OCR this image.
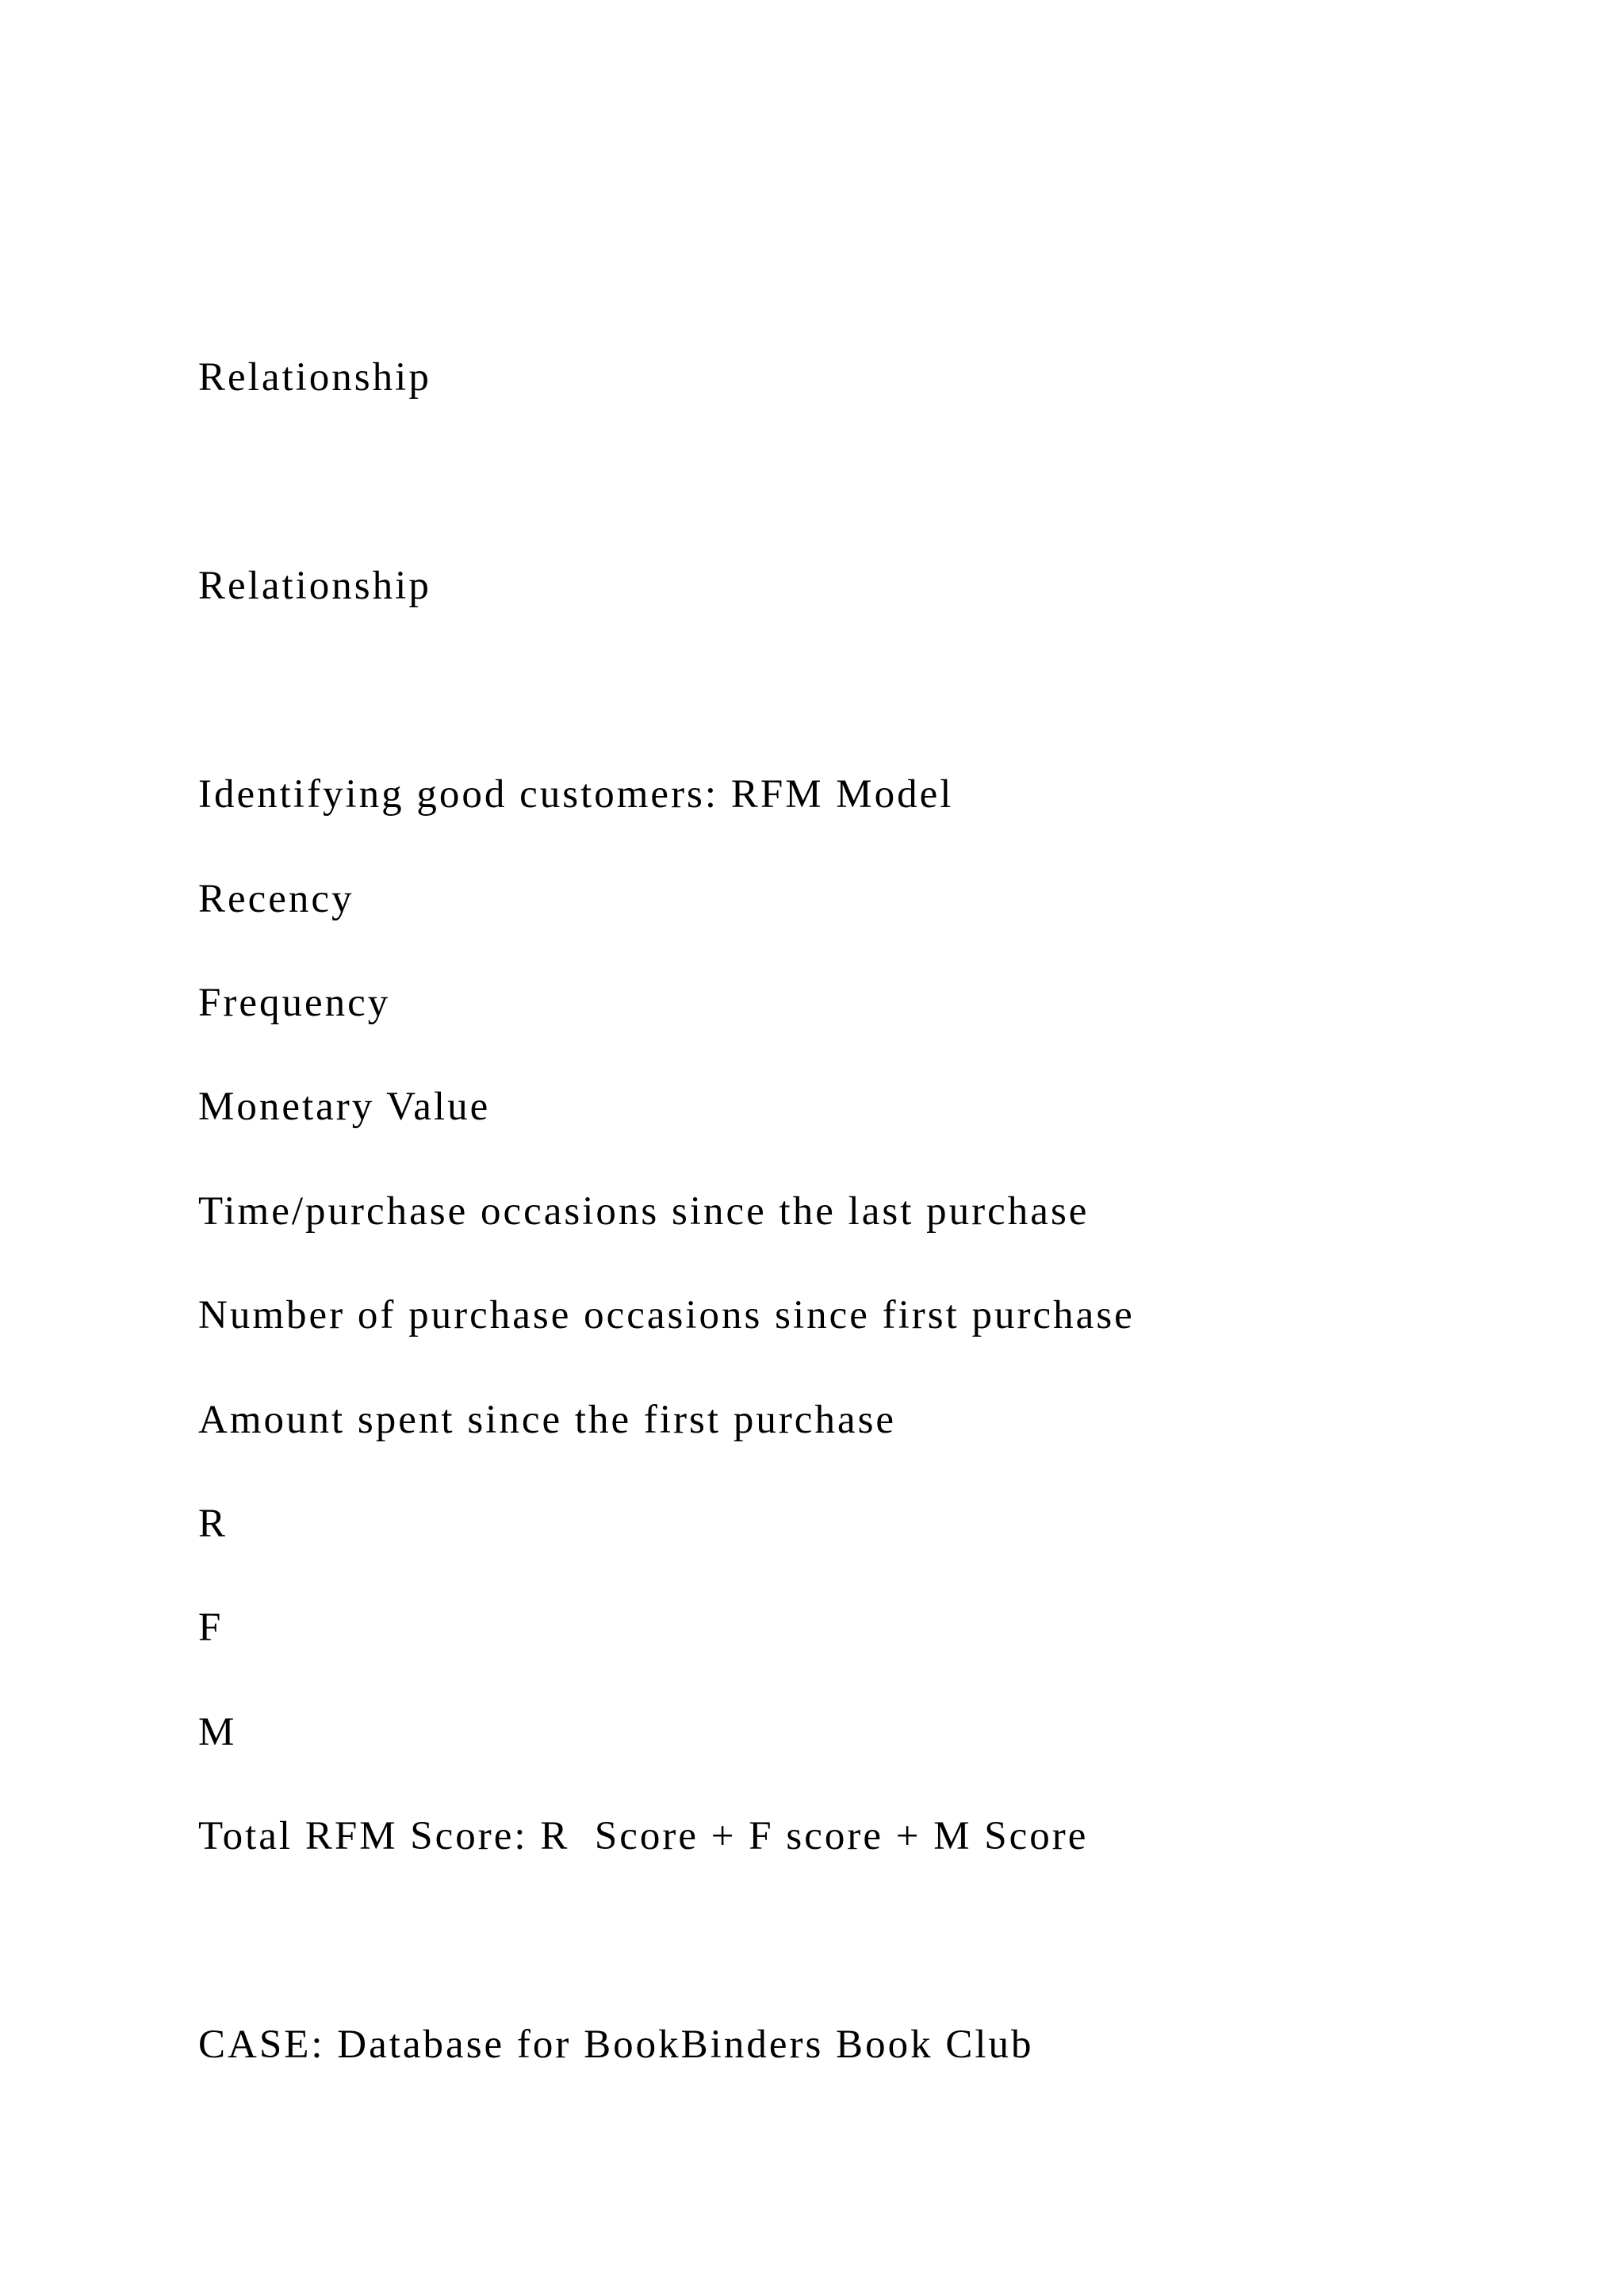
Relationship
Relationship
Identifying good customers: RFM Model
Recency
Frequency
Monetary Value
Time/purchase occasions since the last purchase
Number of purchase occasions since first purchase
Amount spent since the first purchase
R
F
M
Total RFM Score: R  Score + F score + M Score
CASE: Database for BookBinders Book Club
